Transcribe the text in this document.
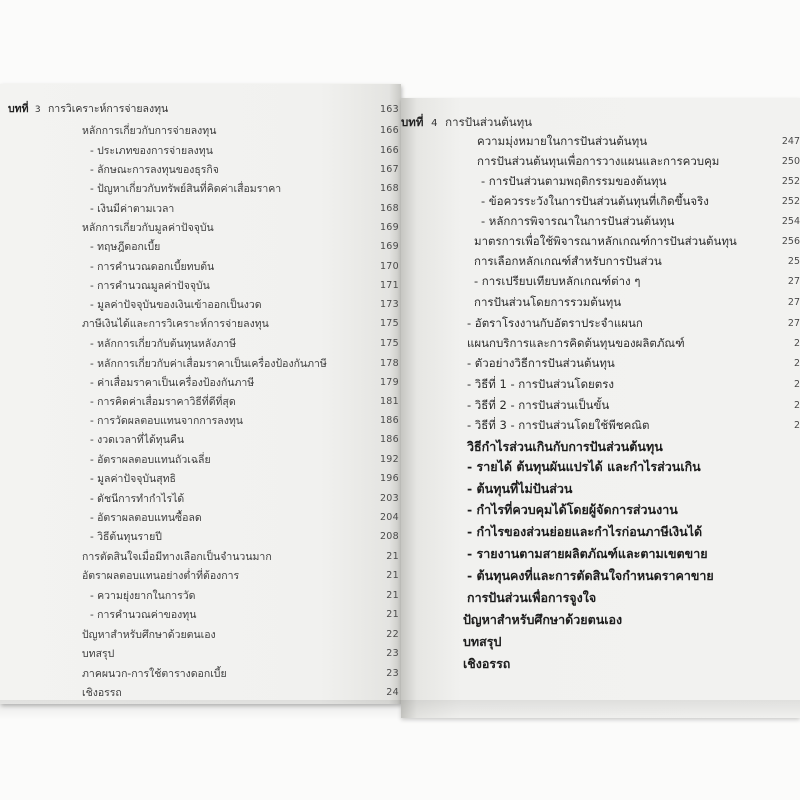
บทที่ 3 การวิเคราะห์การจ่ายลงทุน	163
หลักการเกี่ยวกับการจ่ายลงทุน	166
- ประเภทของการจ่ายลงทุน	166
- ลักษณะการลงทุนของธุรกิจ	167
- ปัญหาเกี่ยวกับทรัพย์สินที่คิดค่าเสื่อมราคา	168
- เงินมีค่าตามเวลา	168
หลักการเกี่ยวกับมูลค่าปัจจุบัน	169
- ทฤษฎีดอกเบี้ย	169
- การคำนวณดอกเบี้ยทบต้น	170
- การคำนวณมูลค่าปัจจุบัน	171
- มูลค่าปัจจุบันของเงินเข้าออกเป็นงวด	173
ภาษีเงินได้และการวิเคราะห์การจ่ายลงทุน	175
- หลักการเกี่ยวกับต้นทุนหลังภาษี	175
- หลักการเกี่ยวกับค่าเสื่อมราคาเป็นเครื่องป้องกันภาษี	178
- ค่าเสื่อมราคาเป็นเครื่องป้องกันภาษี	179
- การคิดค่าเสื่อมราคาวิธีที่ดีที่สุด	181
- การวัดผลตอบแทนจากการลงทุน	186
- งวดเวลาที่ได้ทุนคืน	186
- อัตราผลตอบแทนถัวเฉลี่ย	192
- มูลค่าปัจจุบันสุทธิ	196
- ดัชนีการทำกำไรได้	203
- อัตราผลตอบแทนซื้อลด	204
- วิธีต้นทุนรายปี	208
การตัดสินใจเมื่อมีทางเลือกเป็นจำนวนมาก	21
อัตราผลตอบแทนอย่างต่ำที่ต้องการ	21
- ความยุ่งยากในการวัด	21
- การคำนวณค่าของทุน	21
ปัญหาสำหรับศึกษาด้วยตนเอง	22
บทสรุป	23
ภาคผนวก-การใช้ตารางดอกเบี้ย	23
เชิงอรรถ	24
บทที่ 4 การปันส่วนต้นทุน
ความมุ่งหมายในการปันส่วนต้นทุน	247
การปันส่วนต้นทุนเพื่อการวางแผนและการควบคุม	250
- การปันส่วนตามพฤติกรรมของต้นทุน	252
- ข้อควรระวังในการปันส่วนต้นทุนที่เกิดขึ้นจริง	252
- หลักการพิจารณาในการปันส่วนต้นทุน	254
มาตรการเพื่อใช้พิจารณาหลักเกณฑ์การปันส่วนต้นทุน	256
การเลือกหลักเกณฑ์สำหรับการปันส่วน	25
- การเปรียบเทียบหลักเกณฑ์ต่าง ๆ	27
การปันส่วนโดยการรวมต้นทุน	27
- อัตราโรงงานกับอัตราประจำแผนก	27
แผนกบริการและการคิดต้นทุนของผลิตภัณฑ์	2
- ตัวอย่างวิธีการปันส่วนต้นทุน	2
- วิธีที่ 1 - การปันส่วนโดยตรง	2
- วิธีที่ 2 - การปันส่วนเป็นขั้น	2
- วิธีที่ 3 - การปันส่วนโดยใช้พีชคณิต	2
วิธีกำไรส่วนเกินกับการปันส่วนต้นทุน
- รายได้ ต้นทุนผันแปรได้ และกำไรส่วนเกิน
- ต้นทุนที่ไม่ปันส่วน
- กำไรที่ควบคุมได้โดยผู้จัดการส่วนงาน
- กำไรของส่วนย่อยและกำไรก่อนภาษีเงินได้
- รายงานตามสายผลิตภัณฑ์และตามเขตขาย
- ต้นทุนคงที่และการตัดสินใจกำหนดราคาขาย
การปันส่วนเพื่อการจูงใจ
ปัญหาสำหรับศึกษาด้วยตนเอง
บทสรุป
เชิงอรรถ
